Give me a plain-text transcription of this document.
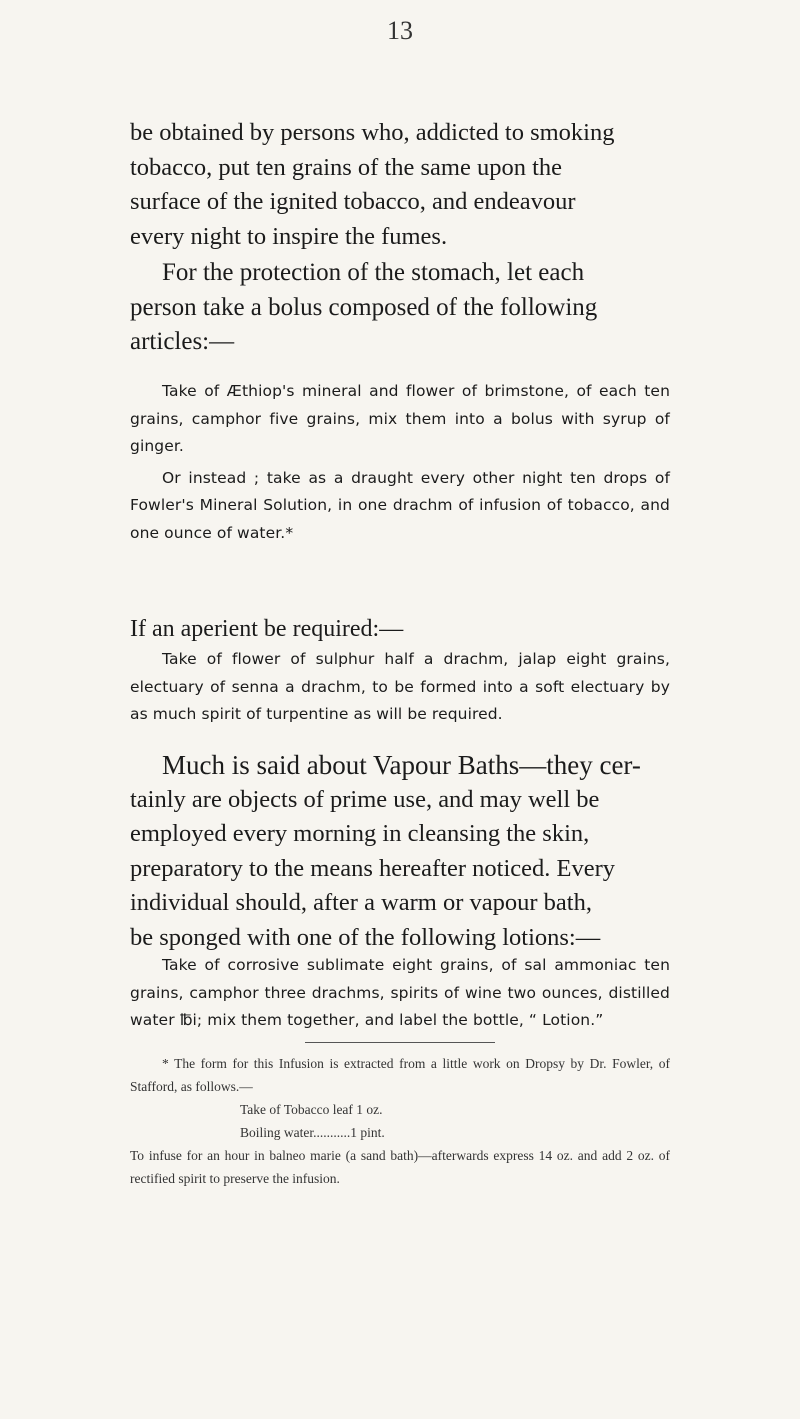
13

be obtained by persons who, addicted to smoking
tobacco, put ten grains of the same upon the
surface of the ignited tobacco, and endeavour
every night to inspire the fumes.

For the protection of the stomach, let each
person take a bolus composed of the following
articles:—

Take of Æthiop's mineral and flower of brimstone, of each ten grains, camphor five grains, mix them into a bolus with syrup of ginger.

Or instead ; take as a draught every other night ten drops of Fowler's Mineral Solution, in one drachm of infusion of tobacco, and one ounce of water.*

If an aperient be required:—

Take of flower of sulphur half a drachm, jalap eight grains, electuary of senna a drachm, to be formed into a soft electuary by as much spirit of turpentine as will be required.

Much is said about Vapour Baths—they cer-
tainly are objects of prime use, and may well be
employed every morning in cleansing the skin,
preparatory to the means hereafter noticed. Every
individual should, after a warm or vapour bath,
be sponged with one of the following lotions:—

Take of corrosive sublimate eight grains, of sal ammoniac ten grains, camphor three drachms, spirits of wine two ounces, distilled water ℔i; mix them together, and label the bottle, “ Lotion.”

* The form for this Infusion is extracted from a little work on Dropsy by Dr. Fowler, of Stafford, as follows.—

Take of Tobacco leaf 1 oz.

Boiling water...........1 pint.

To infuse for an hour in balneo marie (a sand bath)—afterwards express 14 oz. and add 2 oz. of rectified spirit to preserve the infusion.
